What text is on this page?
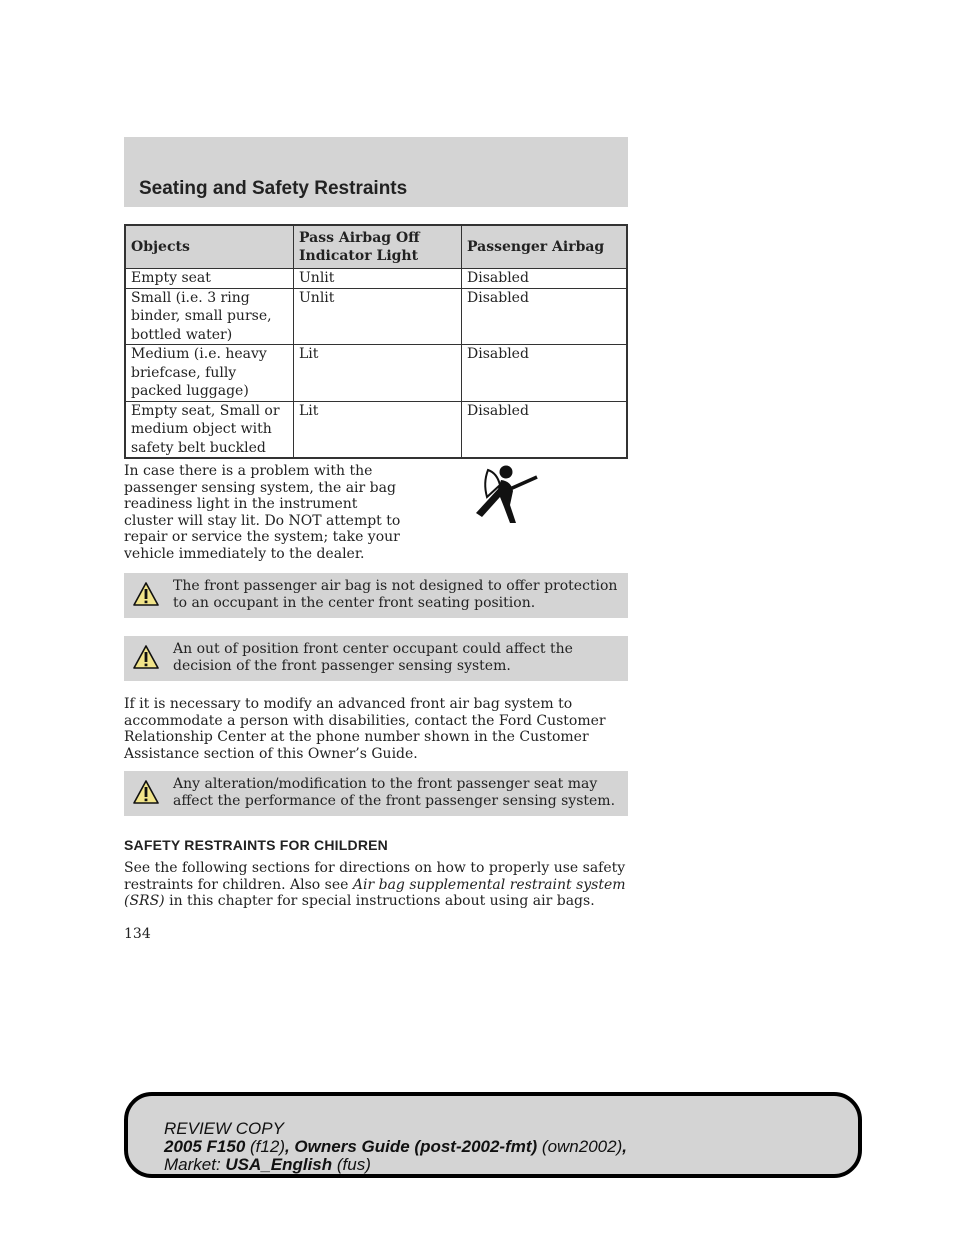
Seating and Safety Restraints
Objects	Pass Airbag Off Indicator Light	Passenger Airbag
Empty seat	Unlit	Disabled
Small (i.e. 3 ring binder, small purse, bottled water)	Unlit	Disabled
Medium (i.e. heavy briefcase, fully packed luggage)	Lit	Disabled
Empty seat, Small or medium object with safety belt buckled	Lit	Disabled

In case there is a problem with the passenger sensing system, the air bag readiness light in the instrument cluster will stay lit. Do NOT attempt to repair or service the system; take your vehicle immediately to the dealer.

The front passenger air bag is not designed to offer protection to an occupant in the center front seating position.

An out of position front center occupant could affect the decision of the front passenger sensing system.

If it is necessary to modify an advanced front air bag system to accommodate a person with disabilities, contact the Ford Customer Relationship Center at the phone number shown in the Customer Assistance section of this Owner’s Guide.

Any alteration/modification to the front passenger seat may affect the performance of the front passenger sensing system.

SAFETY RESTRAINTS FOR CHILDREN

See the following sections for directions on how to properly use safety restraints for children. Also see Air bag supplemental restraint system (SRS) in this chapter for special instructions about using air bags.

134

REVIEW COPY
2005 F150 (f12), Owners Guide (post-2002-fmt) (own2002),
Market: USA_English (fus)
